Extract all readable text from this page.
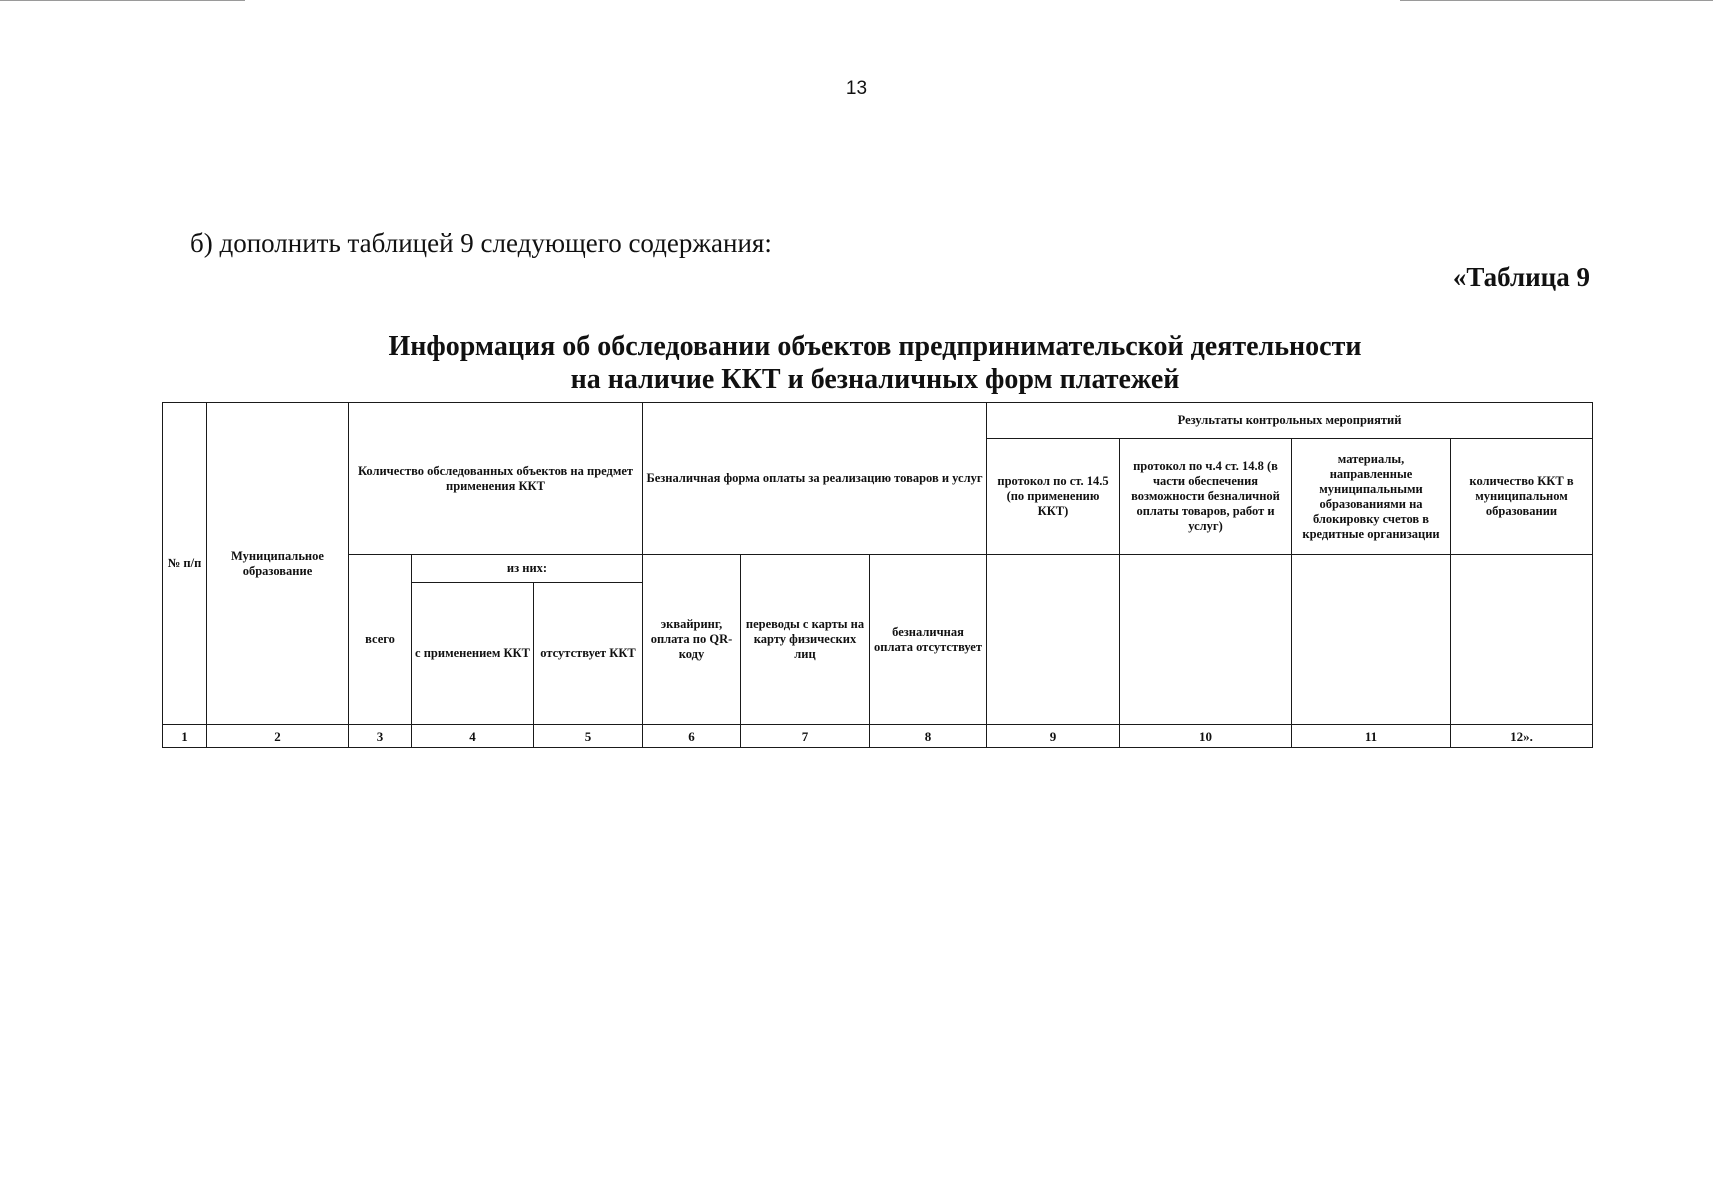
13
б) дополнить таблицей 9 следующего содержания:
«Таблица 9
Информация об обследовании объектов предпринимательской деятельности
на наличие ККТ и безналичных форм платежей
№ п/п	Муниципальное образование	Количество обследованных объектов на предмет применения ККТ			Безналичная форма оплаты за реализацию товаров и услуг			Результаты контрольных мероприятий			
								протокол по ст. 14.5 (по применению ККТ)	протокол по ч.4 ст. 14.8 (в части обеспечения возможности безналичной оплаты товаров, работ и услуг)	материалы, направленные муниципальными образованиями на блокировку счетов в кредитные организации	количество ККТ в муниципальном образовании
		всего	из них:		эквайринг, оплата по QR-коду	переводы с карты на карту физических лиц	безналичная оплата отсутствует				
			с применением ККТ	отсутствует ККТ							
1	2	3	4	5	6	7	8	9	10	11	12».
